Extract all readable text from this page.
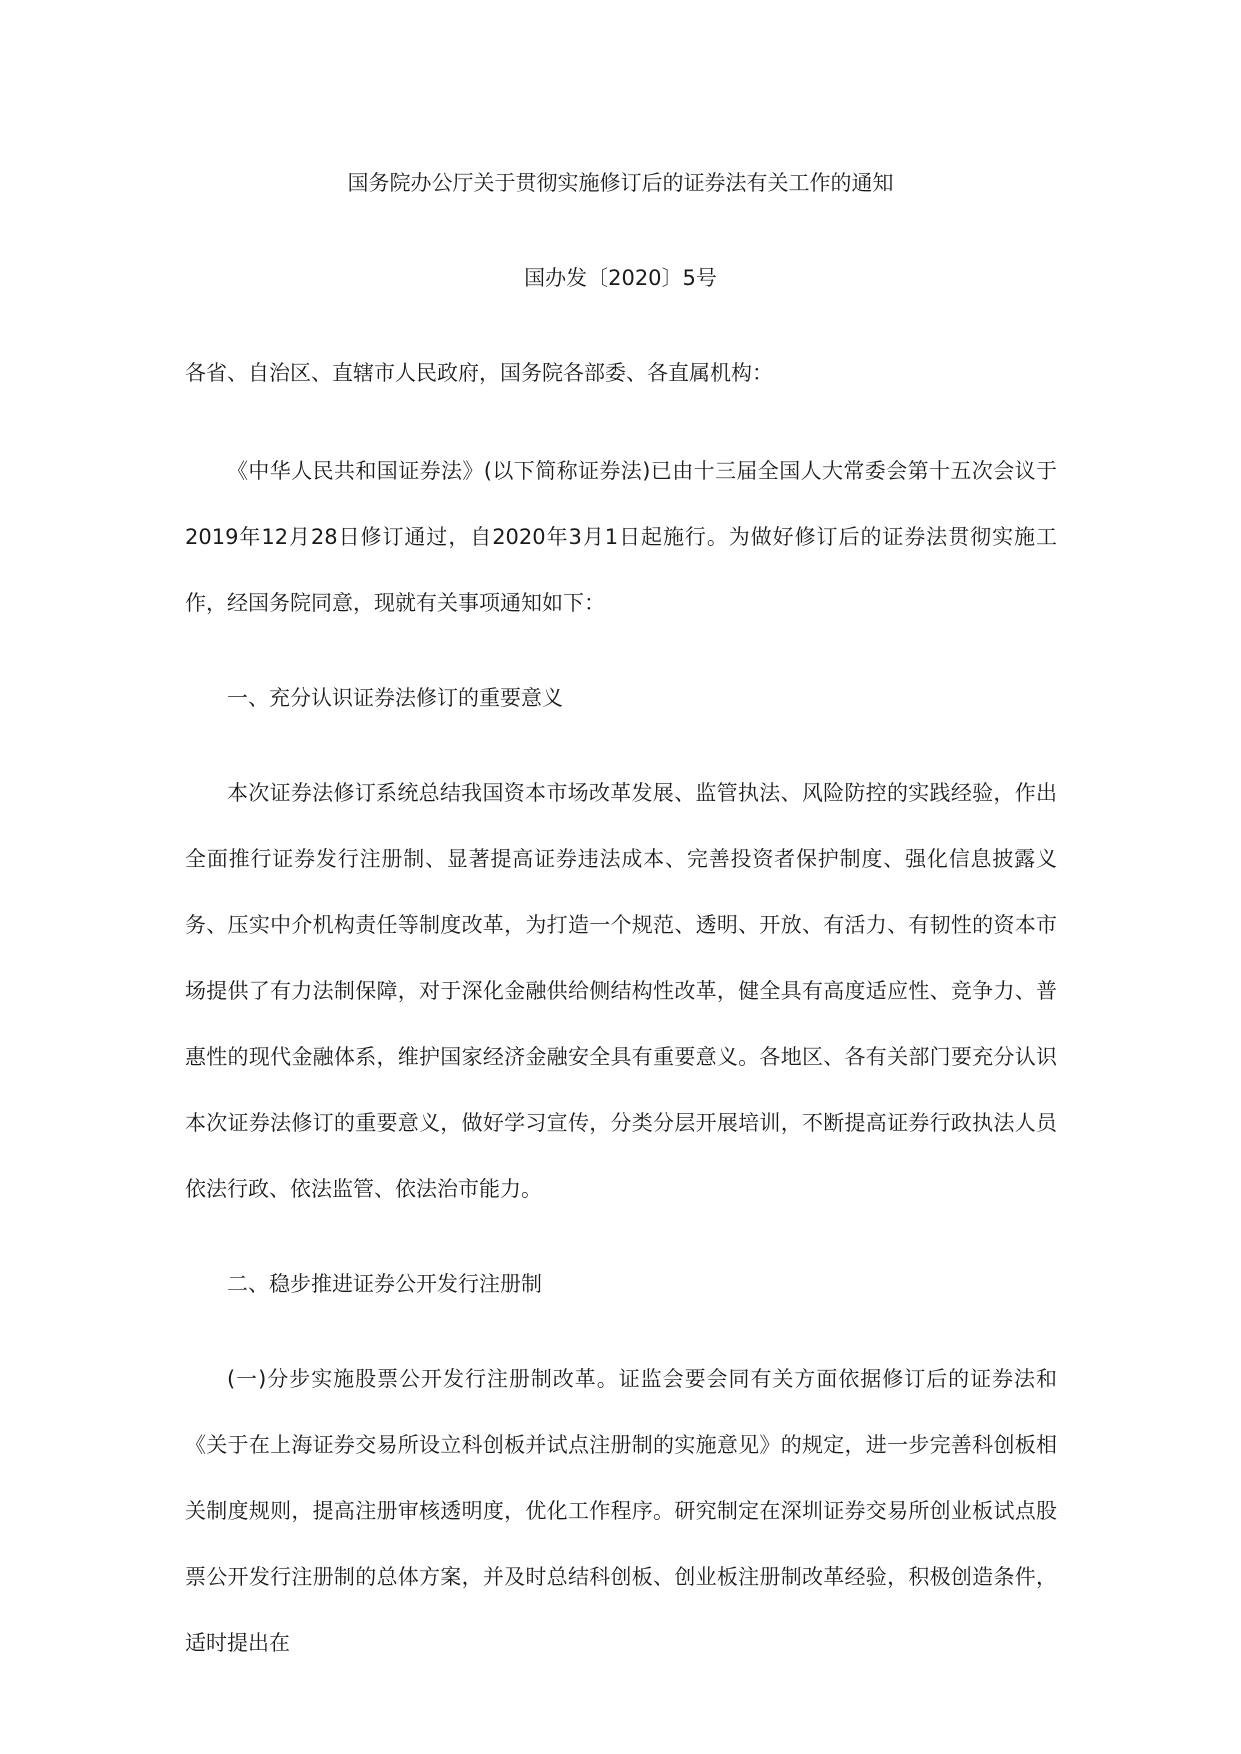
国务院办公厅关于贯彻实施修订后的证券法有关工作的通知

国办发〔2020〕5号

各省、自治区、直辖市人民政府，国务院各部委、各直属机构：

《中华人民共和国证券法》(以下简称证券法)已由十三届全国人大常委会第十五次会议于2019年12月28日修订通过，自2020年3月1日起施行。为做好修订后的证券法贯彻实施工作，经国务院同意，现就有关事项通知如下：

一、充分认识证券法修订的重要意义

本次证券法修订系统总结我国资本市场改革发展、监管执法、风险防控的实践经验，作出全面推行证券发行注册制、显著提高证券违法成本、完善投资者保护制度、强化信息披露义务、压实中介机构责任等制度改革，为打造一个规范、透明、开放、有活力、有韧性的资本市场提供了有力法制保障，对于深化金融供给侧结构性改革，健全具有高度适应性、竞争力、普惠性的现代金融体系，维护国家经济金融安全具有重要意义。各地区、各有关部门要充分认识本次证券法修订的重要意义，做好学习宣传，分类分层开展培训，不断提高证券行政执法人员依法行政、依法监管、依法治市能力。

二、稳步推进证券公开发行注册制

(一)分步实施股票公开发行注册制改革。证监会要会同有关方面依据修订后的证券法和《关于在上海证券交易所设立科创板并试点注册制的实施意见》的规定，进一步完善科创板相关制度规则，提高注册审核透明度，优化工作程序。研究制定在深圳证券交易所创业板试点股票公开发行注册制的总体方案，并及时总结科创板、创业板注册制改革经验，积极创造条件，适时提出在
